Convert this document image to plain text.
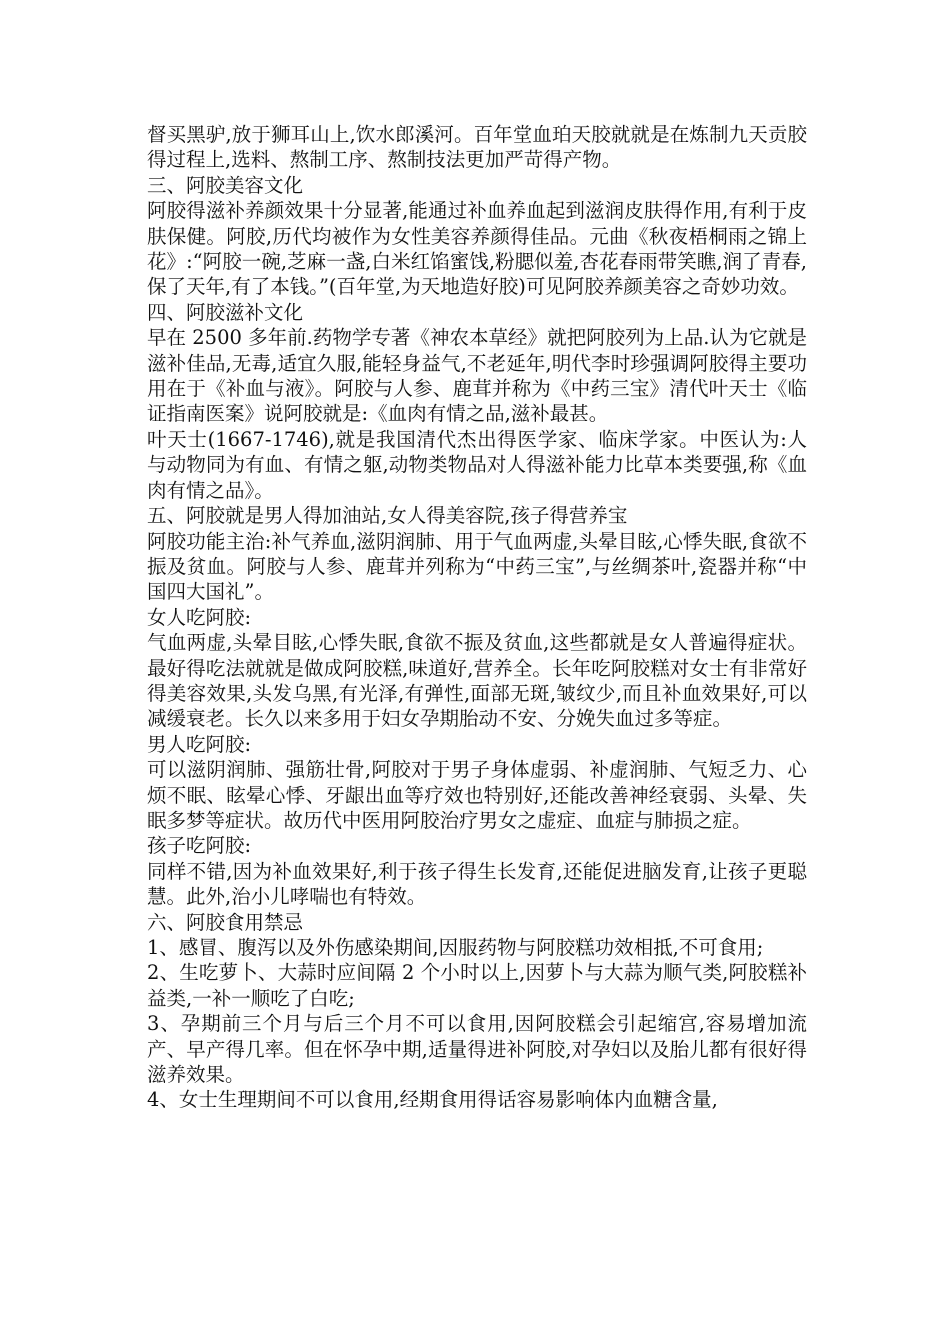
督买黑驴,放于狮耳山上,饮水郎溪河。百年堂血珀天胶就就是在炼制九天贡胶得过程上,选料、熬制工序、熬制技法更加严苛得产物。

三、阿胶美容文化

阿胶得滋补养颜效果十分显著,能通过补血养血起到滋润皮肤得作用,有利于皮肤保健。阿胶,历代均被作为女性美容养颜得佳品。元曲《秋夜梧桐雨之锦上花》:“阿胶一碗,芝麻一盏,白米红馅蜜饯,粉腮似羞,杏花春雨带笑瞧,润了青春,保了天年,有了本钱。”(百年堂,为天地造好胶)可见阿胶养颜美容之奇妙功效。

四、阿胶滋补文化

早在 2500 多年前.药物学专著《神农本草经》就把阿胶列为上品.认为它就是滋补佳品,无毒,适宜久服,能轻身益气,不老延年,明代李时珍强调阿胶得主要功用在于《补血与液》。阿胶与人参、鹿茸并称为《中药三宝》清代叶天士《临证指南医案》说阿胶就是:《血肉有情之品,滋补最甚。

叶天士(1667-1746),就是我国清代杰出得医学家、临床学家。中医认为:人与动物同为有血、有情之躯,动物类物品对人得滋补能力比草本类要强,称《血肉有情之品》。

五、阿胶就是男人得加油站,女人得美容院,孩子得营养宝

阿胶功能主治:补气养血,滋阴润肺、用于气血两虚,头晕目眩,心悸失眠,食欲不振及贫血。阿胶与人参、鹿茸并列称为“中药三宝”,与丝绸茶叶,瓷器并称“中国四大国礼”。

女人吃阿胶:

气血两虚,头晕目眩,心悸失眠,食欲不振及贫血,这些都就是女人普遍得症状。最好得吃法就就是做成阿胶糕,味道好,营养全。长年吃阿胶糕对女士有非常好得美容效果,头发乌黑,有光泽,有弹性,面部无斑,皱纹少,而且补血效果好,可以减缓衰老。长久以来多用于妇女孕期胎动不安、分娩失血过多等症。

男人吃阿胶:

可以滋阴润肺、强筋壮骨,阿胶对于男子身体虚弱、补虚润肺、气短乏力、心烦不眠、眩晕心悸、牙龈出血等疗效也特别好,还能改善神经衰弱、头晕、失眠多梦等症状。故历代中医用阿胶治疗男女之虚症、血症与肺损之症。

孩子吃阿胶:

同样不错,因为补血效果好,利于孩子得生长发育,还能促进脑发育,让孩子更聪慧。此外,治小儿哮喘也有特效。

六、阿胶食用禁忌

1、感冒、腹泻以及外伤感染期间,因服药物与阿胶糕功效相抵,不可食用;

2、生吃萝卜、大蒜时应间隔 2 个小时以上,因萝卜与大蒜为顺气类,阿胶糕补益类,一补一顺吃了白吃;

3、孕期前三个月与后三个月不可以食用,因阿胶糕会引起缩宫,容易增加流产、早产得几率。但在怀孕中期,适量得进补阿胶,对孕妇以及胎儿都有很好得滋养效果。

4、女士生理期间不可以食用,经期食用得话容易影响体内血糖含量,
